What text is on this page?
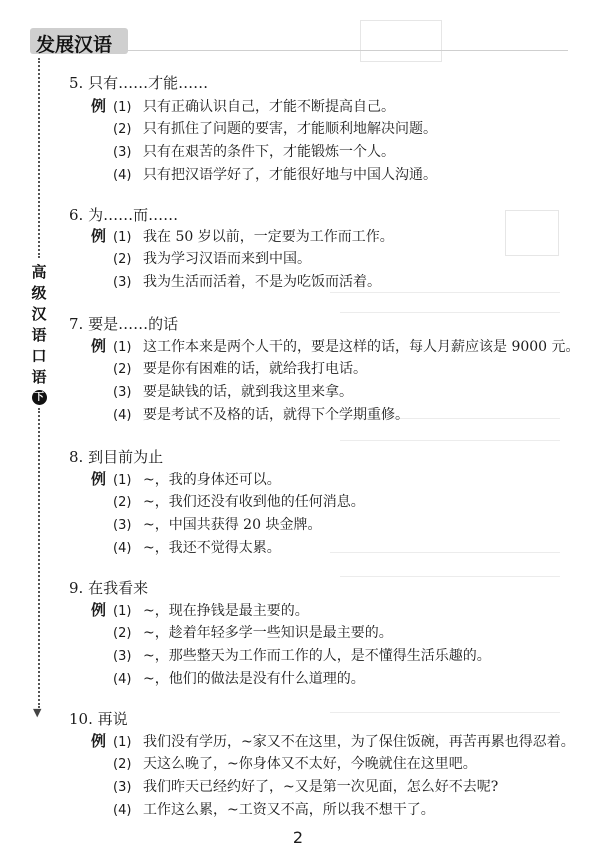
发展汉语
高
级
汉
语
口
语
下
▼
5. 只有……才能……
例 (1) 只有正确认识自己，才能不断提高自己。
(2) 只有抓住了问题的要害，才能顺利地解决问题。
(3) 只有在艰苦的条件下，才能锻炼一个人。
(4) 只有把汉语学好了，才能很好地与中国人沟通。
6. 为……而……
例 (1) 我在 50 岁以前，一定要为工作而工作。
(2) 我为学习汉语而来到中国。
(3) 我为生活而活着，不是为吃饭而活着。
7. 要是……的话
例 (1) 这工作本来是两个人干的，要是这样的话，每人月薪应该是 9000 元。
(2) 要是你有困难的话，就给我打电话。
(3) 要是缺钱的话，就到我这里来拿。
(4) 要是考试不及格的话，就得下个学期重修。
8. 到目前为止
例 (1) ~，我的身体还可以。
(2) ~，我们还没有收到他的任何消息。
(3) ~，中国共获得 20 块金牌。
(4) ~，我还不觉得太累。
9. 在我看来
例 (1) ~，现在挣钱是最主要的。
(2) ~，趁着年轻多学一些知识是最主要的。
(3) ~，那些整天为工作而工作的人，是不懂得生活乐趣的。
(4) ~，他们的做法是没有什么道理的。
10. 再说
例 (1) 我们没有学历，~家又不在这里，为了保住饭碗，再苦再累也得忍着。
(2) 天这么晚了，~你身体又不太好，今晚就住在这里吧。
(3) 我们昨天已经约好了，~又是第一次见面，怎么好不去呢?
(4) 工作这么累，~工资又不高，所以我不想干了。
2
